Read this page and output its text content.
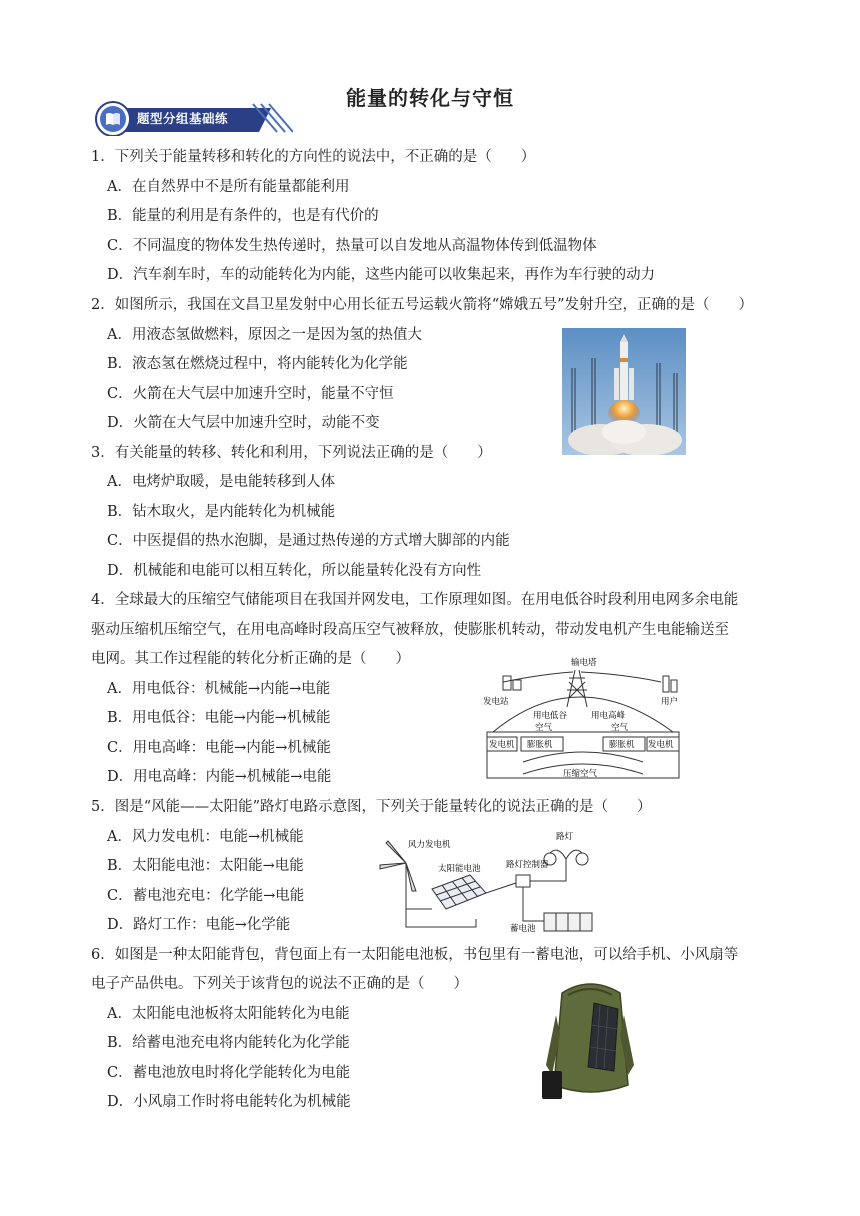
能量的转化与守恒
题型分组基础练
1．下列关于能量转移和转化的方向性的说法中，不正确的是（　　）
A．在自然界中不是所有能量都能利用
B．能量的利用是有条件的，也是有代价的
C．不同温度的物体发生热传递时，热量可以自发地从高温物体传到低温物体
D．汽车刹车时，车的动能转化为内能，这些内能可以收集起来，再作为车行驶的动力
2．如图所示，我国在文昌卫星发射中心用长征五号运载火箭将“嫦娥五号”发射升空，正确的是（　　）
A．用液态氢做燃料，原因之一是因为氢的热值大
B．液态氢在燃烧过程中，将内能转化为化学能
C．火箭在大气层中加速升空时，能量不守恒
D．火箭在大气层中加速升空时，动能不变
3．有关能量的转移、转化和利用，下列说法正确的是（　　）
A．电烤炉取暖，是电能转移到人体
B．钻木取火，是内能转化为机械能
C．中医提倡的热水泡脚，是通过热传递的方式增大脚部的内能
D．机械能和电能可以相互转化，所以能量转化没有方向性
4．全球最大的压缩空气储能项目在我国并网发电，工作原理如图。在用电低谷时段利用电网多余电能
驱动压缩机压缩空气，在用电高峰时段高压空气被释放，使膨胀机转动，带动发电机产生电能输送至
电网。其工作过程能的转化分析正确的是（　　）
A．用电低谷：机械能→内能→电能
B．用电低谷：电能→内能→机械能
C．用电高峰：电能→内能→机械能
D．用电高峰：内能→机械能→电能
输电塔
发电站	用户
用电低谷	用电高峰
空气	空气
发电机 膨胀机	膨胀机 发电机
压缩空气
5．图是“风能——太阳能”路灯电路示意图，下列关于能量转化的说法正确的是（　　）
A．风力发电机：电能→机械能
B．太阳能电池：太阳能→电能
C．蓄电池充电：化学能→电能
D．路灯工作：电能→化学能
风力发电机
太阳能电池	路灯控制器
路灯
蓄电池
6．如图是一种太阳能背包，背包面上有一太阳能电池板，书包里有一蓄电池，可以给手机、小风扇等
电子产品供电。下列关于该背包的说法不正确的是（　　）
A．太阳能电池板将太阳能转化为电能
B．给蓄电池充电将内能转化为化学能
C．蓄电池放电时将化学能转化为电能
D．小风扇工作时将电能转化为机械能
